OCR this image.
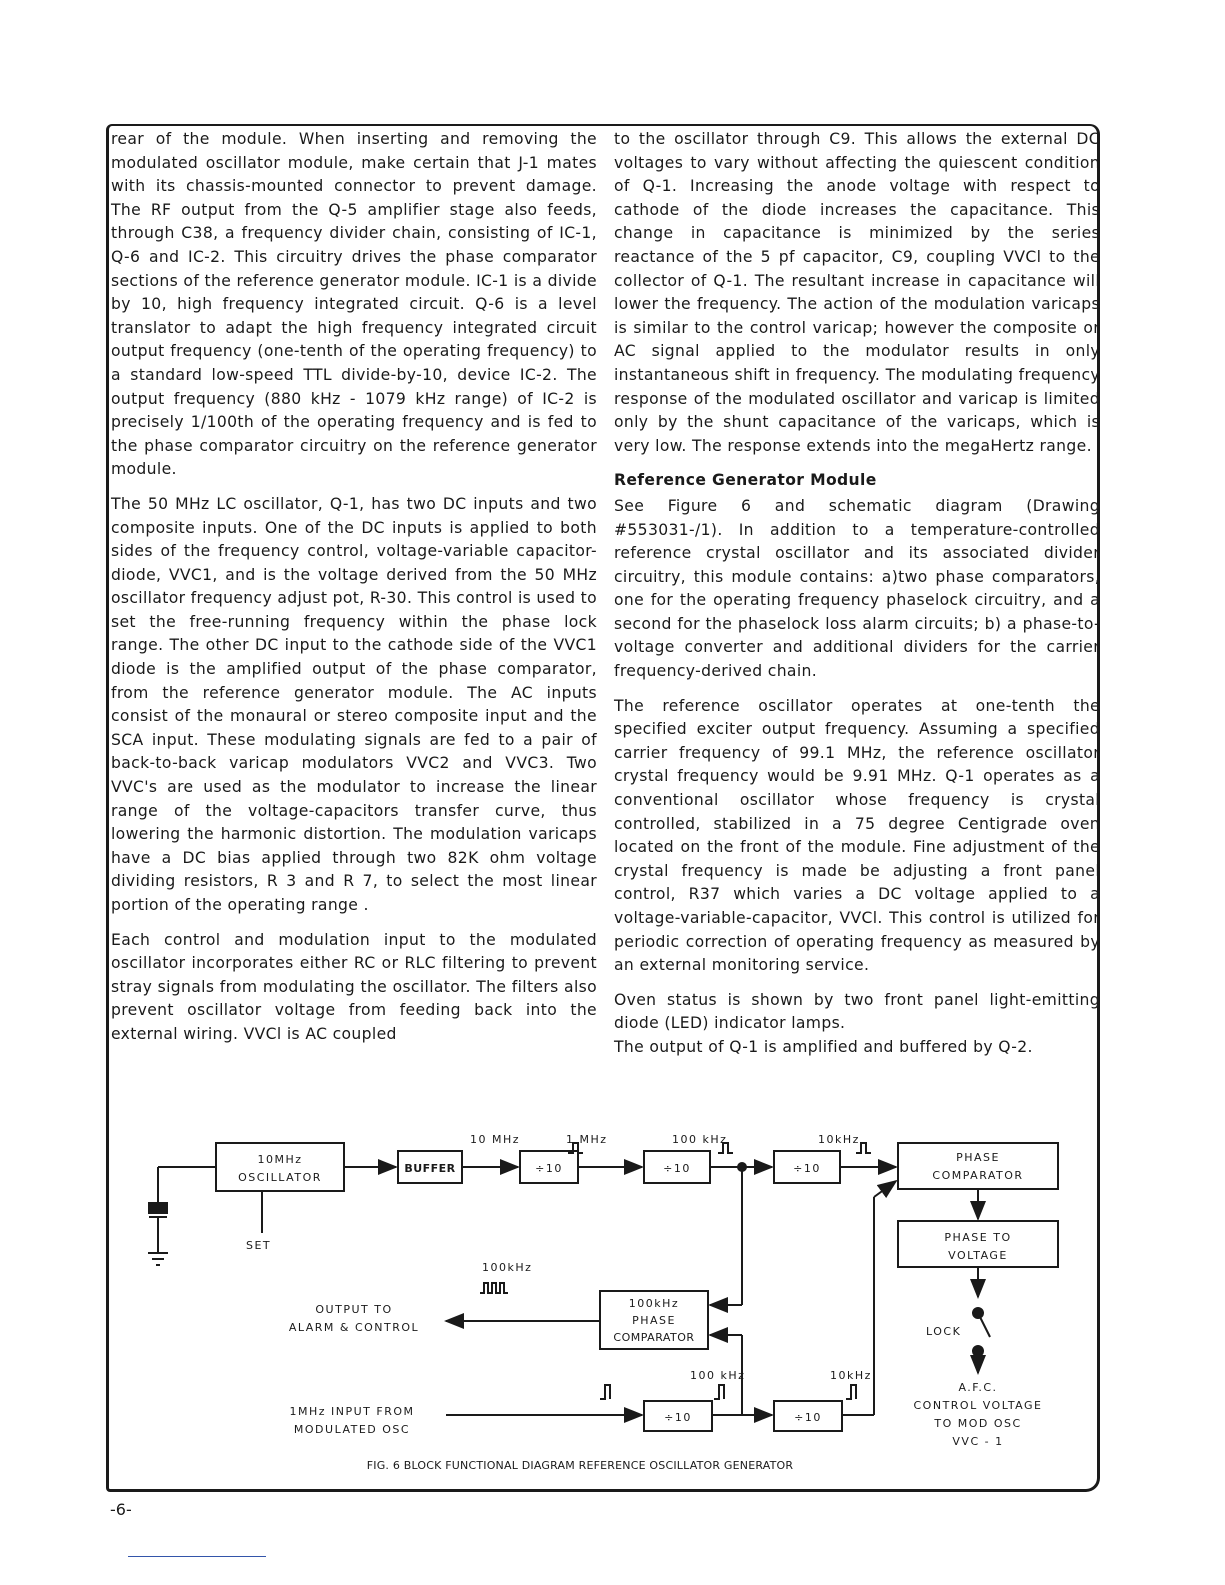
rear of the module. When inserting and removing the modulated oscillator module, make certain that J-1 mates with its chassis-mounted connector to prevent damage. The RF output from the Q-5 amplifier stage also feeds, through C38, a frequency divider chain, consisting of IC-1, Q-6 and IC-2. This circuitry drives the phase comparator sections of the reference generator module. IC-1 is a divide by 10, high frequency integrated circuit. Q-6 is a level translator to adapt the high frequency integrated circuit output frequency (one-tenth of the operating frequency) to a standard low-speed TTL divide-by-10, device IC-2. The output frequency (880 kHz - 1079 kHz range) of IC-2 is precisely 1/100th of the operating frequency and is fed to the phase comparator circuitry on the reference generator module.

The 50 MHz LC oscillator, Q-1, has two DC inputs and two composite inputs. One of the DC inputs is applied to both sides of the frequency control, voltage-variable capacitor-diode, VVC1, and is the voltage derived from the 50 MHz oscillator frequency adjust pot, R-30. This control is used to set the free-running frequency within the phase lock range. The other DC input to the cathode side of the VVC1 diode is the amplified output of the phase comparator, from the reference generator module. The AC inputs consist of the monaural or stereo composite input and the SCA input. These modulating signals are fed to a pair of back-to-back varicap modulators VVC2 and VVC3. Two VVC's are used as the modulator to increase the linear range of the voltage-capacitors transfer curve, thus lowering the harmonic distortion. The modulation varicaps have a DC bias applied through two 82K ohm voltage dividing resistors, R 3 and R 7, to select the most linear portion of the operating range .

Each control and modulation input to the modulated oscillator incorporates either RC or RLC filtering to prevent stray signals from modulating the oscillator. The filters also prevent oscillator voltage from feeding back into the external wiring. VVCl is AC coupled

to the oscillator through C9. This allows the external DC voltages to vary without affecting the quiescent condition of Q-1. Increasing the anode voltage with respect to cathode of the diode increases the capacitance. This change in capacitance is minimized by the series reactance of the 5 pf capacitor, C9, coupling VVCl to the collector of Q-1. The resultant increase in capacitance will lower the frequency. The action of the modulation varicaps is similar to the control varicap; however the composite or AC signal applied to the modulator results in only instantaneous shift in frequency. The modulating frequency response of the modulated oscillator and varicap is limited only by the shunt capacitance of the varicaps, which is very low. The response extends into the megaHertz range.

Reference Generator Module

See Figure 6 and schematic diagram (Drawing #553031-/1). In addition to a temperature-controlled reference crystal oscillator and its associated divider circuitry, this module contains: a)two phase comparators, one for the operating frequency phaselock circuitry, and a second for the phaselock loss alarm circuits; b) a phase-to-voltage converter and additional dividers for the carrier frequency-derived chain.

The reference oscillator operates at one-tenth the specified exciter output frequency. Assuming a specified carrier frequency of 99.1 MHz, the reference oscillator crystal frequency would be 9.91 MHz. Q-1 operates as a conventional oscillator whose frequency is crystal controlled, stabilized in a 75 degree Centigrade oven located on the front of the module. Fine adjustment of the crystal frequency is made be adjusting a front panel control, R37 which varies a DC voltage applied to a voltage-variable-capacitor, VVCl. This control is utilized for periodic correction of operating frequency as measured by an external monitoring service.

Oven status is shown by two front panel light-emitting diode (LED) indicator lamps.

The output of Q-1 is amplified and buffered by Q-2.

10MHz
OSCILLATOR
SET
BUFFER	÷10	÷10	÷10
10 MHz	1 MHz	100 kHz	10kHz
PHASE
COMPARATOR
PHASE TO
VOLTAGE
LOCK
A.F.C.
CONTROL VOLTAGE
TO MOD OSC
VVC - 1
100kHz
OUTPUT TO
ALARM & CONTROL
100kHz
PHASE
COMPARATOR
1MHz INPUT FROM
MODULATED OSC
÷10	÷10
100 kHz	10kHz
FIG. 6 BLOCK FUNCTIONAL DIAGRAM REFERENCE OSCILLATOR GENERATOR
-6-
